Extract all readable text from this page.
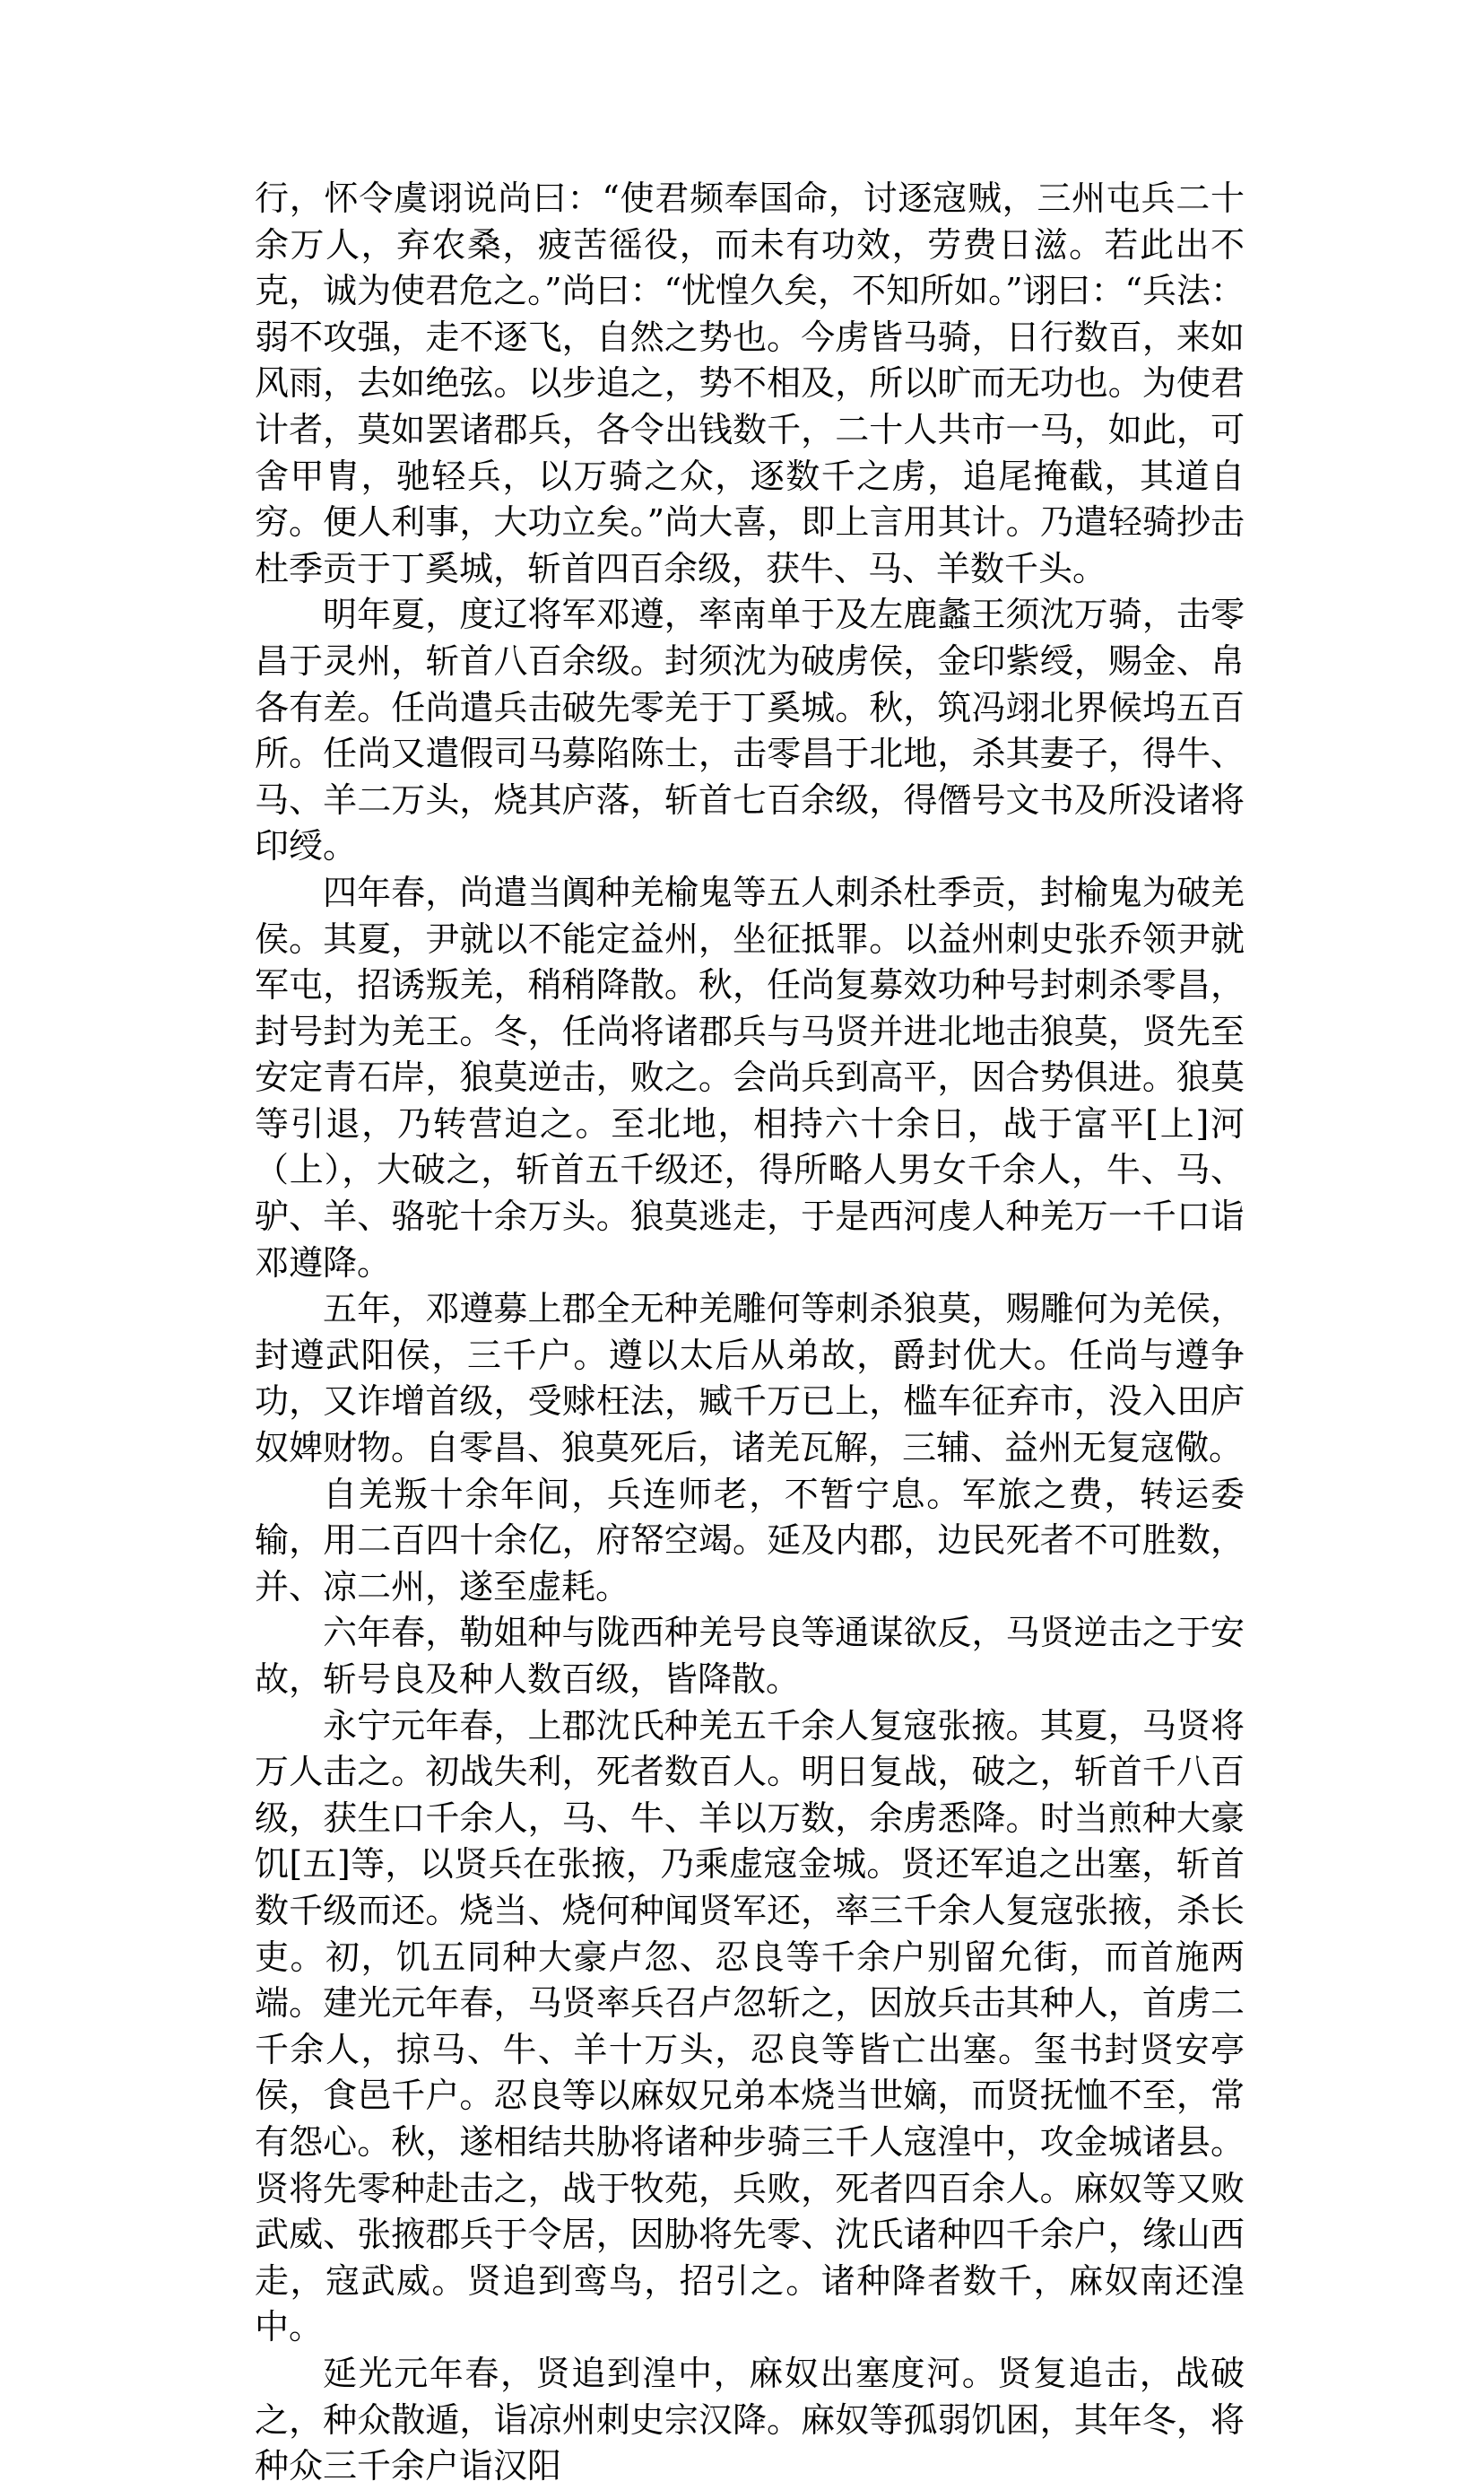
行，怀令虞诩说尚曰：“使君频奉国命，讨逐寇贼，三州屯兵二十余万人，弃农桑，疲苦徭役，而未有功效，劳费日滋。若此出不克，诚为使君危之。”尚曰：“忧惶久矣，不知所如。”诩曰：“兵法：弱不攻强，走不逐飞，自然之势也。今虏皆马骑，日行数百，来如风雨，去如绝弦。以步追之，势不相及，所以旷而无功也。为使君计者，莫如罢诸郡兵，各令出钱数千，二十人共市一马，如此，可舍甲胄，驰轻兵，以万骑之众，逐数千之虏，追尾掩截，其道自穷。便人利事，大功立矣。”尚大喜，即上言用其计。乃遣轻骑抄击杜季贡于丁奚城，斩首四百余级，获牛、马、羊数千头。

明年夏，度辽将军邓遵，率南单于及左鹿蠡王须沈万骑，击零昌于灵州，斩首八百余级。封须沈为破虏侯，金印紫绶，赐金、帛各有差。任尚遣兵击破先零羌于丁奚城。秋，筑冯翊北界候坞五百所。任尚又遣假司马募陷陈士，击零昌于北地，杀其妻子，得牛、马、羊二万头，烧其庐落，斩首七百余级，得僭号文书及所没诸将印绶。

四年春，尚遣当阗种羌榆鬼等五人刺杀杜季贡，封榆鬼为破羌侯。其夏，尹就以不能定益州，坐征抵罪。以益州刺史张乔领尹就军屯，招诱叛羌，稍稍降散。秋，任尚复募效功种号封刺杀零昌，封号封为羌王。冬，任尚将诸郡兵与马贤并进北地击狼莫，贤先至安定青石岸，狼莫逆击，败之。会尚兵到高平，因合势俱进。狼莫等引退，乃转营迫之。至北地，相持六十余日，战于富平[上]河（上），大破之，斩首五千级还，得所略人男女千余人，牛、马、驴、羊、骆驼十余万头。狼莫逃走，于是西河虔人种羌万一千口诣邓遵降。

五年，邓遵募上郡全无种羌雕何等刺杀狼莫，赐雕何为羌侯，封遵武阳侯，三千户。遵以太后从弟故，爵封优大。任尚与遵争功，又诈增首级，受赇枉法，臧千万已上，槛车征弃市，没入田庐奴婢财物。自零昌、狼莫死后，诸羌瓦解，三辅、益州无复寇儆。

自羌叛十余年间，兵连师老，不暂宁息。军旅之费，转运委输，用二百四十余亿，府帑空竭。延及内郡，边民死者不可胜数，并、凉二州，遂至虚耗。

六年春，勒姐种与陇西种羌号良等通谋欲反，马贤逆击之于安故，斩号良及种人数百级，皆降散。

永宁元年春，上郡沈氏种羌五千余人复寇张掖。其夏，马贤将万人击之。初战失利，死者数百人。明日复战，破之，斩首千八百级，获生口千余人，马、牛、羊以万数，余虏悉降。时当煎种大豪饥[五]等，以贤兵在张掖，乃乘虚寇金城。贤还军追之出塞，斩首数千级而还。烧当、烧何种闻贤军还，率三千余人复寇张掖，杀长吏。初，饥五同种大豪卢忽、忍良等千余户别留允街，而首施两端。建光元年春，马贤率兵召卢忽斩之，因放兵击其种人，首虏二千余人，掠马、牛、羊十万头，忍良等皆亡出塞。玺书封贤安亭侯，食邑千户。忍良等以麻奴兄弟本烧当世嫡，而贤抚恤不至，常有怨心。秋，遂相结共胁将诸种步骑三千人寇湟中，攻金城诸县。贤将先零种赴击之，战于牧苑，兵败，死者四百余人。麻奴等又败武威、张掖郡兵于令居，因胁将先零、沈氏诸种四千余户，缘山西走，寇武威。贤追到鸾鸟，招引之。诸种降者数千，麻奴南还湟中。

延光元年春，贤追到湟中，麻奴出塞度河。贤复追击，战破之，种众散遁，诣凉州刺史宗汉降。麻奴等孤弱饥困，其年冬，将种众三千余户诣汉阳
